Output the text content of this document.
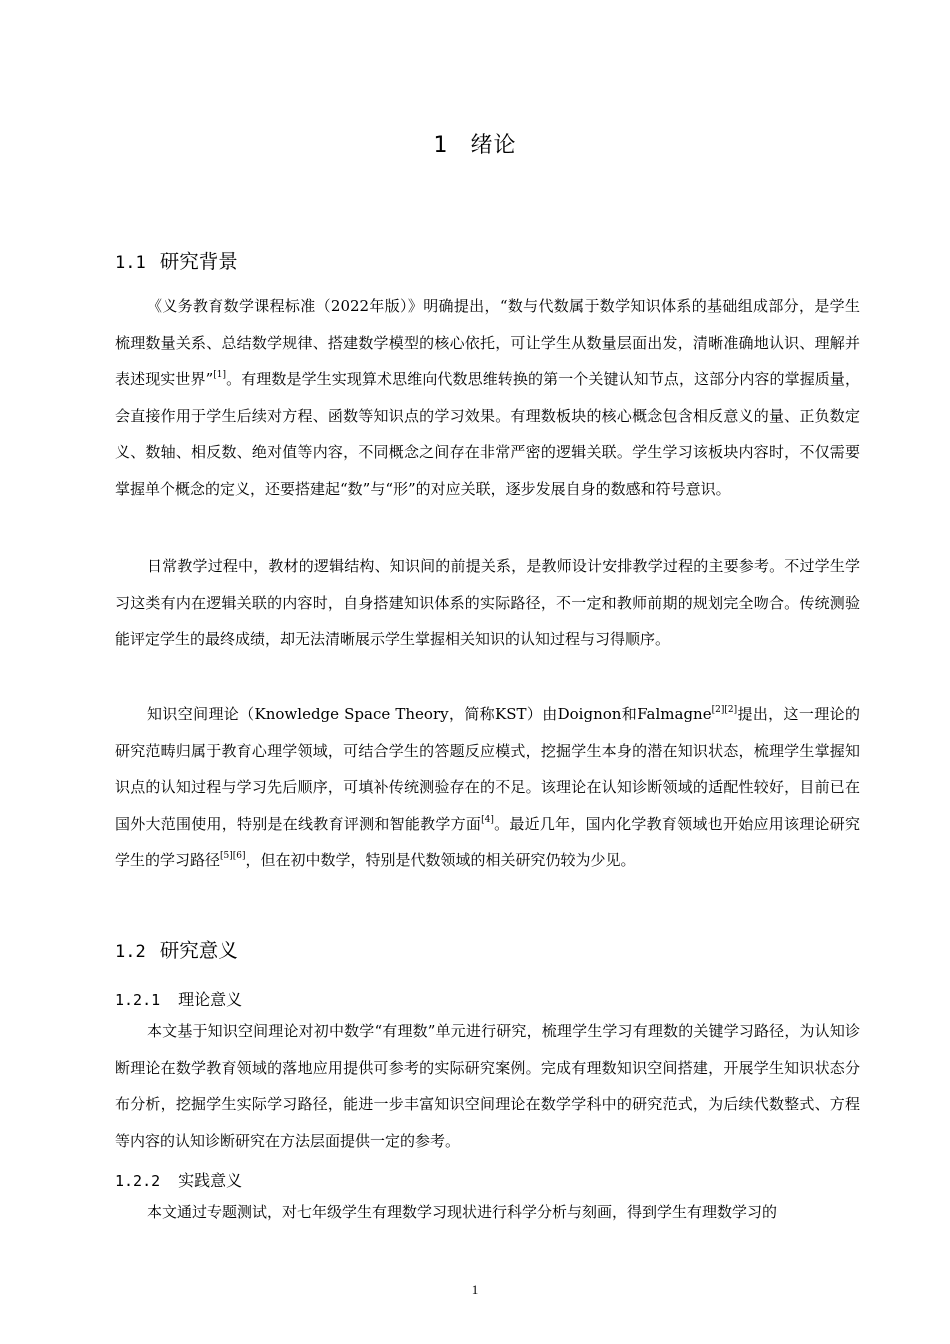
1 绪论
1.1 研究背景

《义务教育数学课程标准（2022年版）》明确提出，“数与代数属于数学知识体系的基础组成部分，是学生梳理数量关系、总结数学规律、搭建数学模型的核心依托，可让学生从数量层面出发，清晰准确地认识、理解并表述现实世界”[1]。有理数是学生实现算术思维向代数思维转换的第一个关键认知节点，这部分内容的掌握质量，会直接作用于学生后续对方程、函数等知识点的学习效果。有理数板块的核心概念包含相反意义的量、正负数定义、数轴、相反数、绝对值等内容，不同概念之间存在非常严密的逻辑关联。学生学习该板块内容时，不仅需要掌握单个概念的定义，还要搭建起“数”与“形”的对应关联，逐步发展自身的数感和符号意识。

日常教学过程中，教材的逻辑结构、知识间的前提关系，是教师设计安排教学过程的主要参考。不过学生学习这类有内在逻辑关联的内容时，自身搭建知识体系的实际路径，不一定和教师前期的规划完全吻合。传统测验能评定学生的最终成绩，却无法清晰展示学生掌握相关知识的认知过程与习得顺序。

知识空间理论（Knowledge Space Theory，简称KST）由Doignon和Falmagne[2][2]提出，这一理论的研究范畴归属于教育心理学领域，可结合学生的答题反应模式，挖掘学生本身的潜在知识状态，梳理学生掌握知识点的认知过程与学习先后顺序，可填补传统测验存在的不足。该理论在认知诊断领域的适配性较好，目前已在国外大范围使用，特别是在线教育评测和智能教学方面[4]。最近几年，国内化学教育领域也开始应用该理论研究学生的学习路径[5][6]，但在初中数学，特别是代数领域的相关研究仍较为少见。

1.2 研究意义
1.2.1 理论意义

本文基于知识空间理论对初中数学“有理数”单元进行研究，梳理学生学习有理数的关键学习路径，为认知诊断理论在数学教育领域的落地应用提供可参考的实际研究案例。完成有理数知识空间搭建，开展学生知识状态分布分析，挖掘学生实际学习路径，能进一步丰富知识空间理论在数学学科中的研究范式，为后续代数整式、方程等内容的认知诊断研究在方法层面提供一定的参考。

1.2.2 实践意义

本文通过专题测试，对七年级学生有理数学习现状进行科学分析与刻画，得到学生有理数学习的

1
